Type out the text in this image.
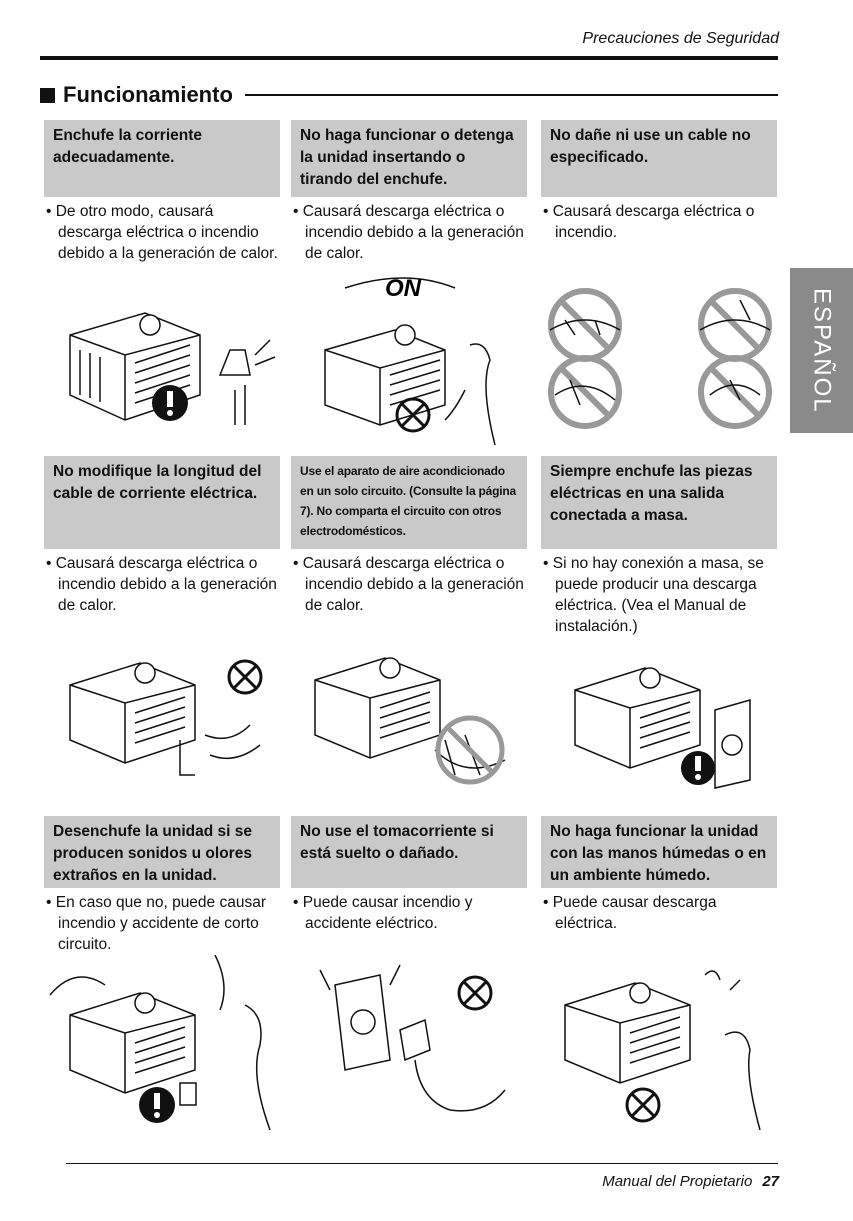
Precauciones de Seguridad
Funcionamiento
ESPAÑOL
Enchufe la corriente adecuadamente.
• De otro modo, causará descarga eléctrica o incendio debido a la generación de calor.
No haga funcionar o detenga la unidad insertando o tirando del enchufe.
• Causará descarga eléctrica o incendio debido a la generación de calor.
No dañe ni use un cable no especificado.
• Causará descarga eléctrica o incendio.
ON
No modifique la longitud del cable de corriente eléctrica.
• Causará descarga eléctrica o incendio debido a la generación de calor.
Use el aparato de aire acondicionado en un solo circuito. (Consulte la página 7). No comparta el circuito con otros electrodomésticos.
• Causará descarga eléctrica o incendio debido a la generación de calor.
Siempre enchufe las piezas eléctricas en una salida conectada a masa.
• Si no hay conexión a masa, se puede producir una descarga eléctrica. (Vea el Manual de instalación.)
Desenchufe la unidad si se producen sonidos u olores extraños en la unidad.
• En caso que no, puede causar incendio y accidente de corto circuito.
No use el tomacorriente si está suelto o dañado.
• Puede causar incendio y accidente eléctrico.
No haga funcionar la unidad con las manos húmedas o en un ambiente húmedo.
• Puede causar descarga eléctrica.
Manual del Propietario 27
